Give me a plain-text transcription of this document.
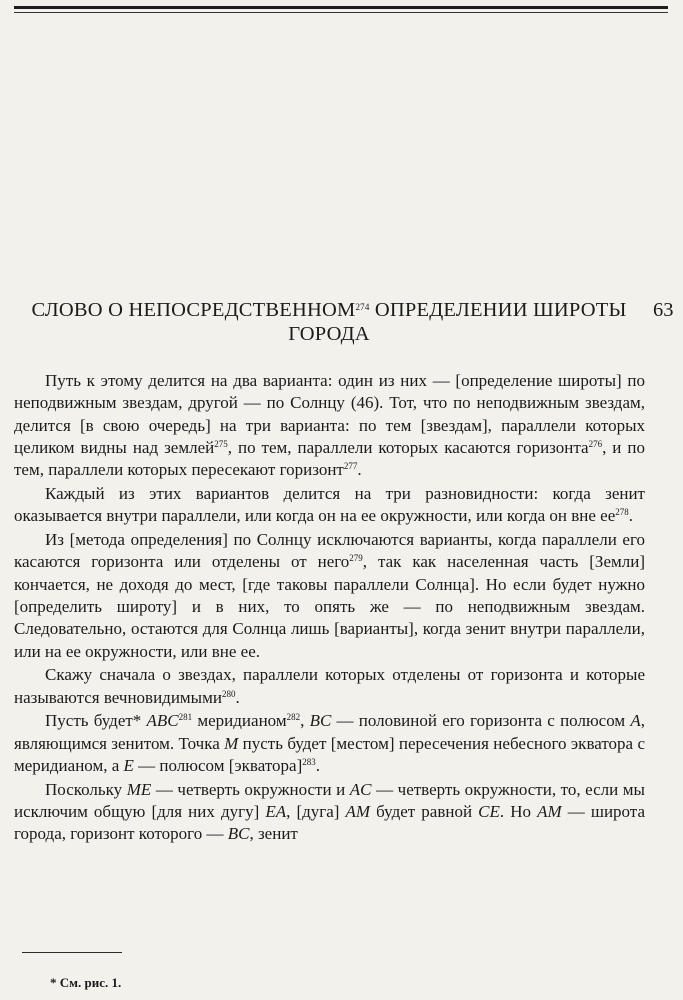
СЛОВО О НЕПОСРЕДСТВЕННОМ$^{274}$ ОПРЕДЕЛЕНИИ ШИРОТЫ
ГОРОДА
63

Путь к этому делится на два варианта: один из них — [определение широты] по неподвижным звездам, другой — по Солнцу (46). Тот, что по неподвижным звездам, делится [в свою очередь] на три варианта: по тем [звездам], параллели которых целиком видны над землей$^{275}$, по тем, параллели которых касаются горизонта$^{276}$, и по тем, параллели которых пересекают горизонт$^{277}$.

Каждый из этих вариантов делится на три разновидности: когда зенит оказывается внутри параллели, или когда он на ее окружности, или когда он вне $ее^{278}$.

Из [метода определения] по Солнцу исключаются варианты, когда параллели его касаются горизонта или отделены от него$^{279}$, так как населенная часть [Земли] кончается, не доходя до мест, [где таковы параллели Солнца]. Но если будет нужно [определить широту] и в них, то опять же — по неподвижным звездам. Следовательно, остаются для Солнца лишь [варианты], когда зенит внутри параллели, или на ее окружности, или вне ее.

Скажу сначала о звездах, параллели которых отделены от горизонта и которые называются вечновидимыми$^{280}$.

Пусть будет* ABC$^{281}$ меридианом$^{282}$, BC — половиной его горизонта с полюсом A, являющимся зенитом. Точка M пусть будет [местом] пересечения небесного экватора с меридианом, а E — полюсом [экватора]$^{283}$.

Поскольку ME — четверть окружности и AC — четверть окружности, то, если мы исключим общую [для них дугу] EA, [дуга] AM будет равной CE. Но AM — широта города, горизонт которого — BC, зенит

* См. рис. 1.
